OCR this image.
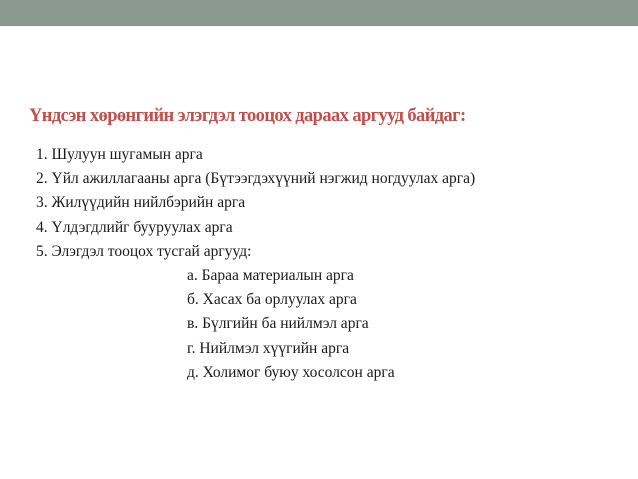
Үндсэн хөрөнгийн элэгдэл тооцох дараах аргууд байдаг:
1. Шулуун шугамын арга
2. Үйл ажиллагааны арга (Бүтээгдэхүүний нэгжид ногдуулах арга)
3. Жилүүдийн нийлбэрийн арга
4. Үлдэгдлийг бууруулах арга
5. Элэгдэл тооцох тусгай аргууд:
а. Бараа материалын арга
б. Хасах ба орлуулах арга
в. Бүлгийн ба нийлмэл арга
г. Нийлмэл хүүгийн арга
д. Холимог буюу хосолсон арга
